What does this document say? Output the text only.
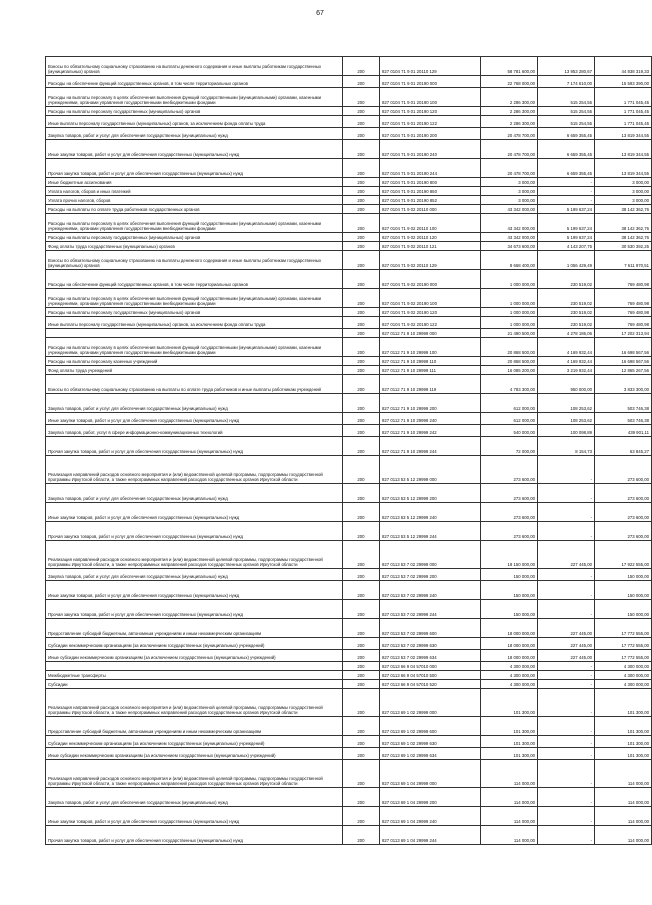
67
Взносы по обязательному социальному страхованию на выплаты денежного содержания и иные выплаты работникам государственных (муниципальных) органов	200	827 0104 71 9 01 20110 129	58 781 600,00	13 953 280,67	44 838 319,33
Расходы на обеспечение функций государственных органов, в том числе территориальных органов	200	827 0104 71 9 01 20190 000	22 768 000,00	7 174 610,00	15 593 390,00
Расходы на выплаты персоналу в целях обеспечения выполнения функций государственными (муниципальными) органами, казенными учреждениями, органами управления государственными внебюджетными фондами	200	827 0104 71 9 01 20190 100	2 286 300,00	515 254,55	1 771 045,45
Расходы на выплаты персоналу государственных (муниципальных) органов	200	827 0104 71 9 01 20190 120	2 286 300,00	515 254,55	1 771 045,45
Иные выплаты персоналу государственных (муниципальных) органов, за исключением фонда оплаты труда	200	827 0104 71 9 01 20190 122	2 286 300,00	515 254,55	1 771 045,45
Закупка товаров, работ и услуг для обеспечения государственных (муниципальных) нужд	200	827 0104 71 9 01 20190 200	20 478 700,00	6 659 355,45	13 819 344,55
Иные закупки товаров, работ и услуг для обеспечения государственных (муниципальных) нужд	200	827 0104 71 9 01 20190 240	20 478 700,00	6 659 355,45	13 819 344,55
Прочая закупка товаров, работ и услуг для обеспечения государственных (муниципальных) нужд	200	827 0104 71 9 01 20190 244	20 478 700,00	6 659 355,45	13 819 344,55
Иные бюджетные ассигнования	200	827 0104 71 9 01 20190 800	3 000,00	-	3 000,00
Уплата налогов, сборов и иных платежей	200	827 0104 71 9 01 20190 850	3 000,00	-	3 000,00
Уплата прочих налогов, сборов	200	827 0104 71 9 01 20190 852	3 000,00	-	3 000,00
Расходы на выплаты по оплате труда работников государственных органов	200	827 0104 71 9 02 20110 000	43 342 000,00	5 199 637,24	38 142 362,76
Расходы на выплаты персоналу в целях обеспечения выполнения функций государственными (муниципальными) органами, казенными учреждениями, органами управления государственными внебюджетными фондами	200	827 0104 71 9 02 20110 100	43 342 000,00	5 199 637,24	38 142 362,76
Расходы на выплаты персоналу государственных (муниципальных) органов	200	827 0104 71 9 02 20110 120	43 342 000,00	5 199 637,24	38 142 362,76
Фонд оплаты труда государственных (муниципальных) органов	200	827 0104 71 9 02 20110 121	34 673 600,00	4 143 207,75	30 530 392,25
Взносы по обязательному социальному страхованию на выплаты денежного содержания и иные выплаты работникам государственных (муниципальных) органов	200	827 0104 71 9 02 20110 129	8 668 400,00	1 056 429,49	7 611 970,51
Расходы на обеспечение функций государственных органов, в том числе территориальных органов	200	827 0104 71 9 02 20190 000	1 000 000,00	230 519,02	769 480,98
Расходы на выплаты персоналу в целях обеспечения выполнения функций государственными (муниципальными) органами, казенными учреждениями, органами управления государственными внебюджетными фондами	200	827 0104 71 9 02 20190 100	1 000 000,00	230 519,02	769 480,98
Расходы на выплаты персоналу государственных (муниципальных) органов	200	827 0104 71 9 02 20190 120	1 000 000,00	230 519,02	769 480,98
Иные выплаты персоналу государственных (муниципальных) органов, за исключением фонда оплаты труда	200	827 0104 71 9 02 20190 122	1 000 000,00	230 519,02	769 480,98
	200	827 0112 71 9 10 29999 000	21 490 500,00	4 278 186,06	17 202 313,94
Расходы на выплаты персоналу в целях обеспечения выполнения функций государственными (муниципальными) органами, казенными учреждениями, органами управления государственными внебюджетными фондами	200	827 0112 71 9 10 29999 100	20 868 500,00	4 169 932,44	16 698 567,56
Расходы на выплаты персоналу казенных учреждений	200	827 0112 71 9 10 29999 110	20 868 500,00	4 169 932,44	16 698 567,56
Фонд оплаты труда учреждений	200	827 0112 71 9 10 29999 111	16 085 200,00	3 219 932,44	12 865 267,56
Взносы по обязательному социальному страхованию на выплаты по оплате труда работников и иные выплаты работникам учреждений	200	827 0112 71 9 10 29999 119	4 783 300,00	950 000,00	3 833 300,00
Закупка товаров, работ и услуг для обеспечения государственных (муниципальных) нужд	200	827 0112 71 9 10 29999 200	612 000,00	108 253,62	503 746,38
Иные закупки товаров, работ и услуг для обеспечения государственных (муниципальных) нужд	200	827 0112 71 9 10 29999 240	612 000,00	108 253,62	503 746,38
Закупка товаров, работ, услуг в сфере информационно-коммуникационных технологий	200	827 0112 71 9 10 29999 242	540 000,00	100 098,89	439 901,11
Прочая закупка товаров, работ и услуг для обеспечения государственных (муниципальных) нужд	200	827 0112 71 9 10 29999 244	72 000,00	8 154,73	63 845,27
Реализация направлений расходов основного мероприятия и (или) ведомственной целевой программы, подпрограммы государственной программы Иркутской области, а также непрограммных направлений расходов государственных органов Иркутской области	200	827 0113 53 5 12 29999 000	273 600,00	-	273 600,00
Закупка товаров, работ и услуг для обеспечения государственных (муниципальных) нужд	200	827 0113 53 5 12 29999 200	273 600,00	-	273 600,00
Иные закупки товаров, работ и услуг для обеспечения государственных (муниципальных) нужд	200	827 0113 53 5 12 29999 240	273 600,00	-	273 600,00
Прочая закупка товаров, работ и услуг для обеспечения государственных (муниципальных) нужд	200	827 0113 53 5 12 29999 244	273 600,00	-	273 600,00
Реализация направлений расходов основного мероприятия и (или) ведомственной целевой программы, подпрограммы государственной программы Иркутской области, а также непрограммных направлений расходов государственных органов Иркутской области	200	827 0113 53 7 02 29999 000	18 150 000,00	227 445,00	17 922 555,00
Закупка товаров, работ и услуг для обеспечения государственных (муниципальных) нужд	200	827 0113 53 7 02 29999 200	150 000,00	-	150 000,00
Иные закупки товаров, работ и услуг для обеспечения государственных (муниципальных) нужд	200	827 0113 53 7 02 29999 240	150 000,00	-	150 000,00
Прочая закупка товаров, работ и услуг для обеспечения государственных (муниципальных) нужд	200	827 0113 53 7 02 29999 244	150 000,00	-	150 000,00
Предоставление субсидий бюджетным, автономным учреждениям и иным некоммерческим организациям	200	827 0113 53 7 02 29999 600	18 000 000,00	227 445,00	17 772 555,00
Субсидии некоммерческим организациям (за исключением государственных (муниципальных) учреждений)	200	827 0113 53 7 02 29999 630	18 000 000,00	227 445,00	17 772 555,00
Иные субсидии некоммерческим организациям (за исключением государственных (муниципальных) учреждений)	200	827 0113 53 7 02 29999 634	18 000 000,00	227 445,00	17 772 555,00
	200	827 0113 66 9 04 57010 000	4 300 000,00	-	4 300 000,00
Межбюджетные трансферты	200	827 0113 66 9 04 57010 500	4 300 000,00	-	4 300 000,00
Субсидии	200	827 0113 66 9 04 57010 520	4 300 000,00	-	4 300 000,00
Реализация направлений расходов основного мероприятия и (или) ведомственной целевой программы, подпрограммы государственной программы Иркутской области, а также непрограммных направлений расходов государственных органов Иркутской области	200	827 0113 69 1 02 29999 000	101 300,00	-	101 300,00
Предоставление субсидий бюджетным, автономным учреждениям и иным некоммерческим организациям	200	827 0113 69 1 02 29999 600	101 300,00	-	101 300,00
Субсидии некоммерческим организациям (за исключением государственных (муниципальных) учреждений)	200	827 0113 69 1 02 29999 630	101 300,00	-	101 300,00
Иные субсидии некоммерческим организациям (за исключением государственных (муниципальных) учреждений)	200	827 0113 69 1 02 29999 634	101 300,00	-	101 300,00
Реализация направлений расходов основного мероприятия и (или) ведомственной целевой программы, подпрограммы государственной программы Иркутской области, а также непрограммных направлений расходов государственных органов Иркутской области	200	827 0113 69 1 04 29999 000	114 000,00	-	114 000,00
Закупка товаров, работ и услуг для обеспечения государственных (муниципальных) нужд	200	827 0113 69 1 04 29999 200	114 000,00	-	114 000,00
Иные закупки товаров, работ и услуг для обеспечения государственных (муниципальных) нужд	200	827 0113 69 1 04 29999 240	114 000,00	-	114 000,00
Прочая закупка товаров, работ и услуг для обеспечения государственных (муниципальных) нужд	200	827 0113 69 1 04 29999 244	114 000,00	-	114 000,00
